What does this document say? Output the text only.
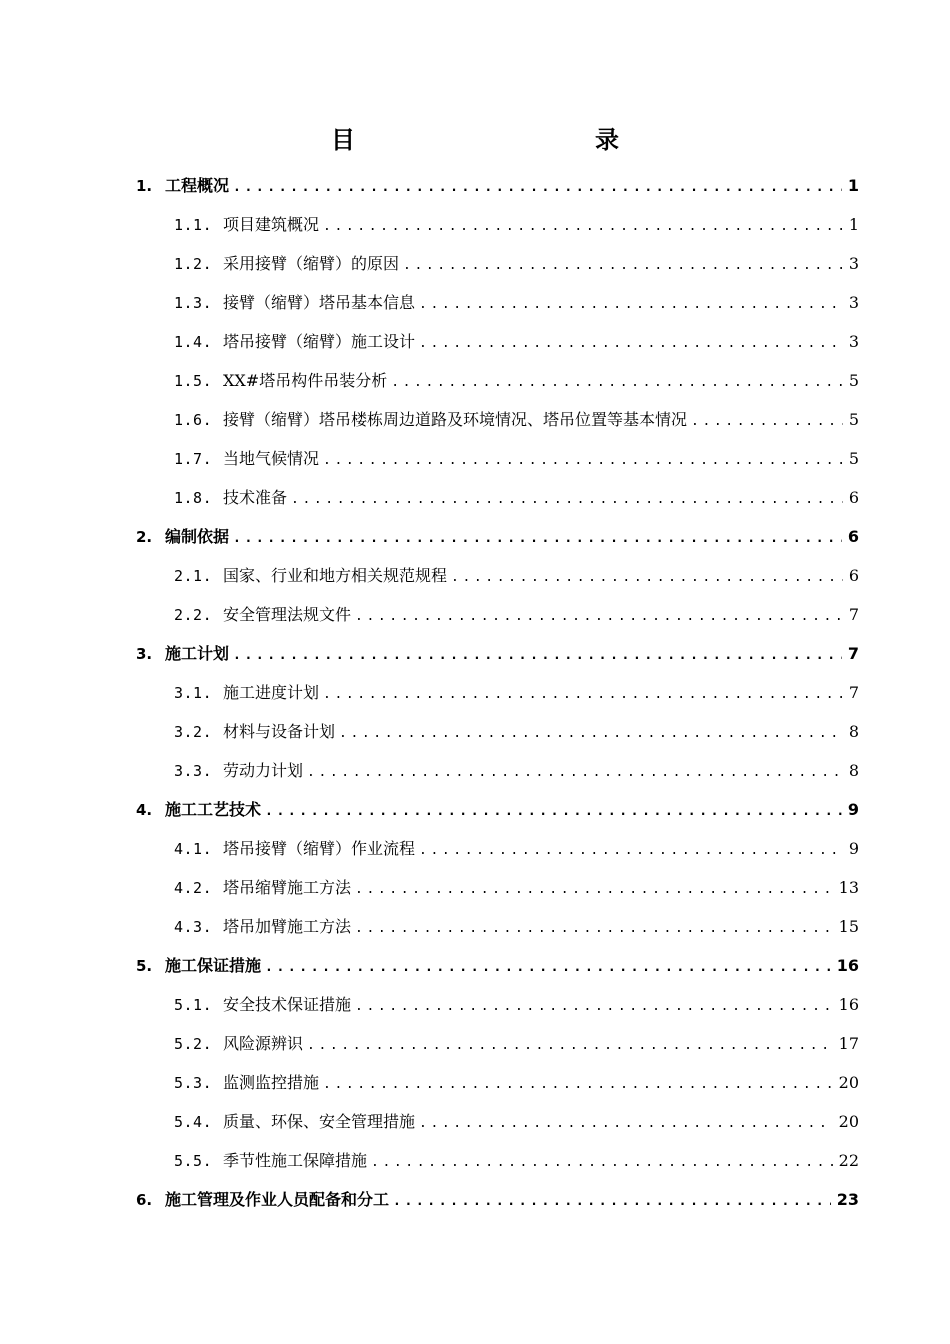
目　　录
1. 工程概况 .....	1
1.1. 项目建筑概况 .....	1
1.2. 采用接臂（缩臂）的原因 .....	3
1.3. 接臂（缩臂）塔吊基本信息 .....	3
1.4. 塔吊接臂（缩臂）施工设计 .....	3
1.5. XX#塔吊构件吊装分析 .....	5
1.6. 接臂（缩臂）塔吊楼栋周边道路及环境情况、塔吊位置等基本情况 .....	5
1.7. 当地气候情况 .....	5
1.8. 技术准备 .....	6
2. 编制依据 .....	6
2.1. 国家、行业和地方相关规范规程 .....	6
2.2. 安全管理法规文件 .....	7
3. 施工计划 .....	7
3.1. 施工进度计划 .....	7
3.2. 材料与设备计划 .....	8
3.3. 劳动力计划 .....	8
4. 施工工艺技术 .....	9
4.1. 塔吊接臂（缩臂）作业流程 .....	9
4.2. 塔吊缩臂施工方法 .....	13
4.3. 塔吊加臂施工方法 .....	15
5. 施工保证措施 .....	16
5.1. 安全技术保证措施 .....	16
5.2. 风险源辨识 .....	17
5.3. 监测监控措施 .....	20
5.4. 质量、环保、安全管理措施 .....	20
5.5. 季节性施工保障措施 .....	22
6. 施工管理及作业人员配备和分工 .....	23
